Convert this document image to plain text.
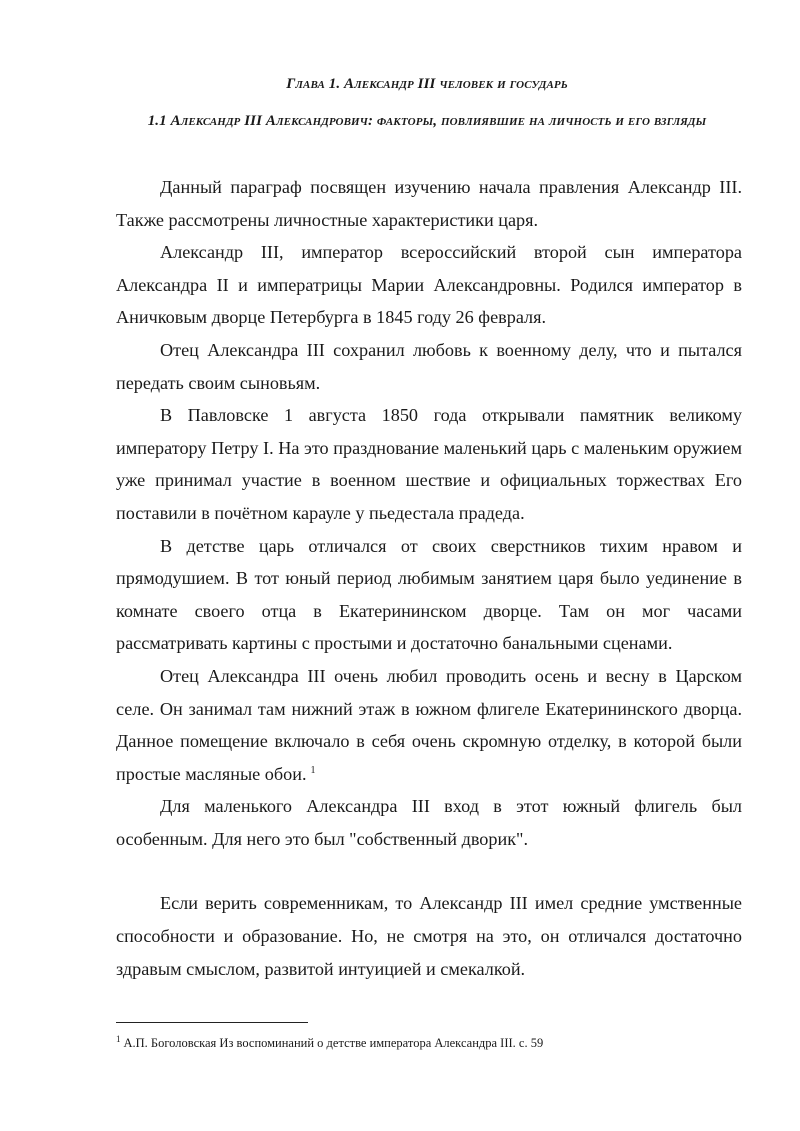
Глава 1. Александр III человек и государь
1.1 Александр III Александрович: факторы, повлиявшие на личность и его взгляды

Данный параграф посвящен изучению начала правления Александр III. Также рассмотрены личностные характеристики царя.

Александр III, император всероссийский второй сын императора Александра II и императрицы Марии Александровны. Родился император в Аничковым дворце Петербурга в 1845 году 26 февраля.

Отец Александра III сохранил любовь к военному делу, что и пытался передать своим сыновьям.

В Павловске 1 августа 1850 года открывали памятник великому императору Петру I. На это празднование маленький царь с маленьким оружием уже принимал участие в военном шествие и официальных торжествах Его поставили в почётном карауле у пьедестала прадеда.

В детстве царь отличался от своих сверстников тихим нравом и прямодушием. В тот юный период любимым занятием царя было уединение в комнате своего отца в Екатерининском дворце. Там он мог часами рассматривать картины с простыми и достаточно банальными сценами.

Отец Александра III очень любил проводить осень и весну в Царском селе. Он занимал там нижний этаж в южном флигеле Екатерининского дворца. Данное помещение включало в себя очень скромную отделку, в которой были простые масляные обои. $^1$

Для маленького Александра III вход в этот южный флигель был особенным. Для него это был "собственный дворик".

Если верить современникам, то Александр III имел средние умственные способности и образование. Но, не смотря на это, он отличался достаточно здравым смыслом, развитой интуицией и смекалкой.

$^1$ А.П. Боголовская Из воспоминаний о детстве императора Александра III. с. 59
